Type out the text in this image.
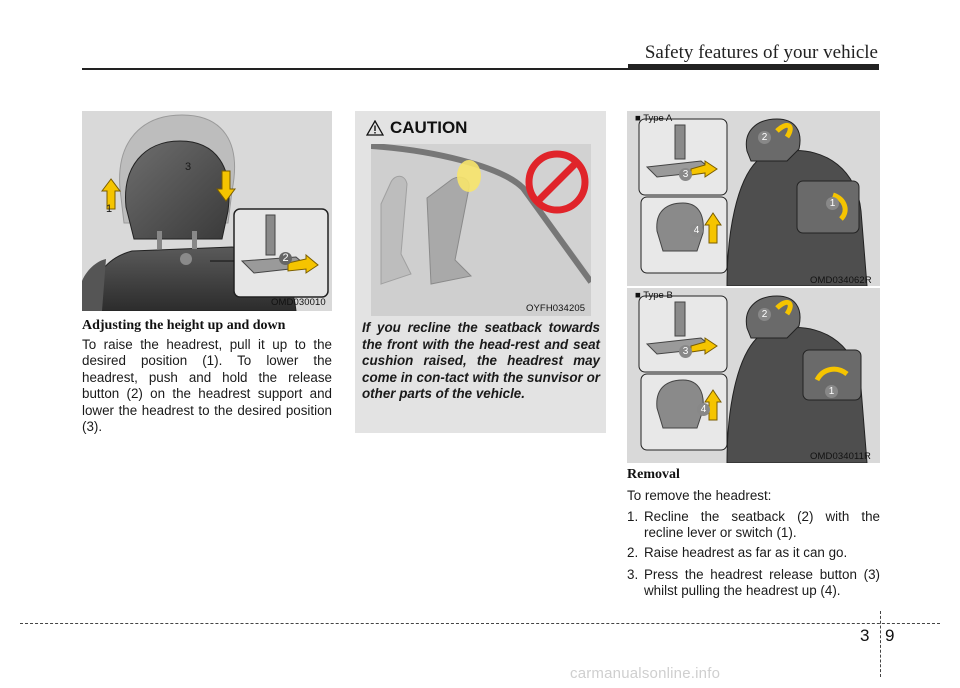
Safety features of your vehicle
3
1
2
OMD030010
Adjusting the height up and down
To raise the headrest, pull it up to the desired position (1). To lower the headrest, push and hold the release button (2) on the headrest support and lower the headrest to the desired position (3).
CAUTION
OYFH034205
If you recline the seatback towards the front with the head-rest and seat cushion raised, the headrest may come in con-tact with the sunvisor or other parts of the vehicle.
2
3
4
1
■ Type A
OMD034062R
2
3
4
1
■ Type B
OMD034011R
Removal
To remove the headrest:
1. Recline the seatback (2) with the recline lever or switch (1).
2. Raise headrest as far as it can go.
3. Press the headrest release button (3) whilst pulling the headrest up (4).
3 9
carmanualsonline.info
